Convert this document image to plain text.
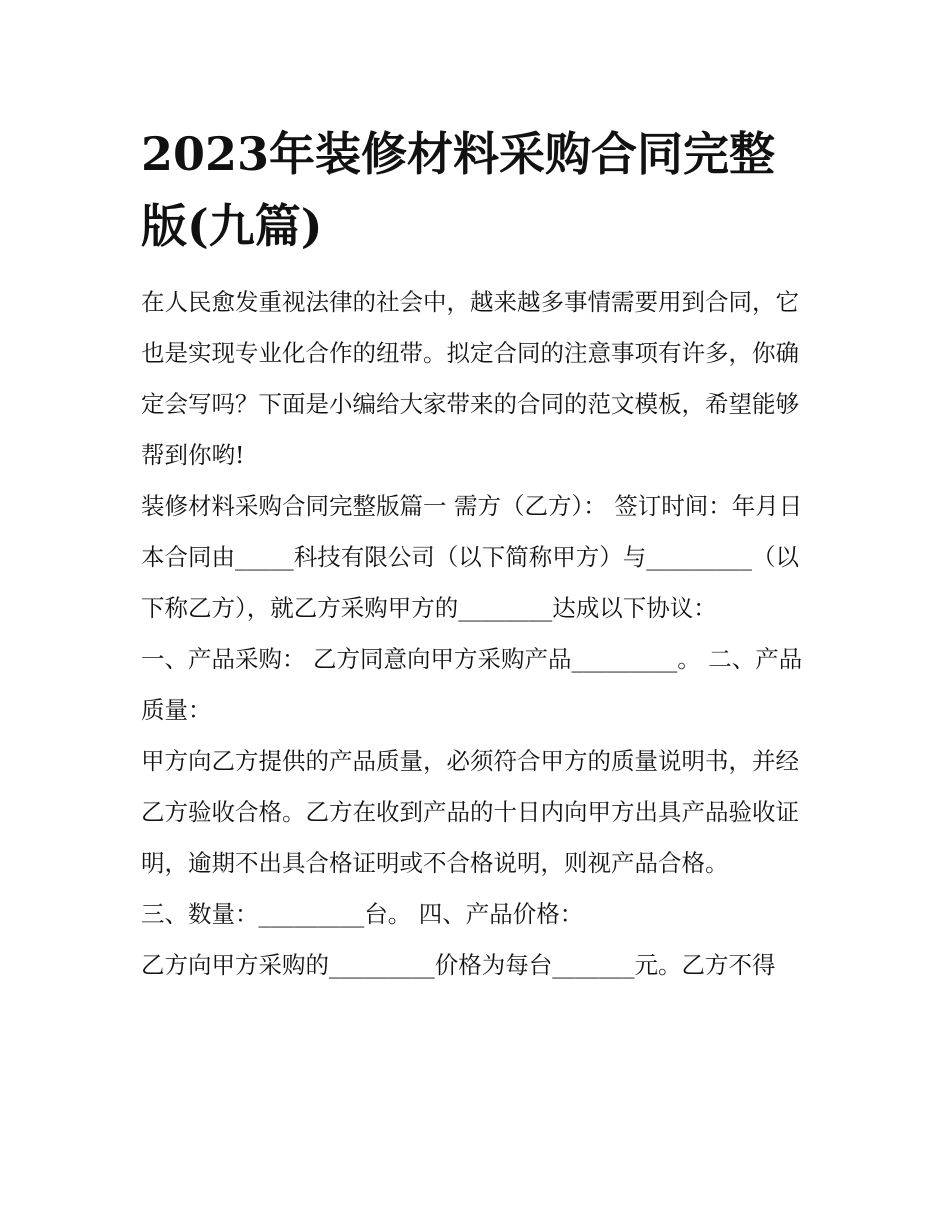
2023年装修材料采购合同完整版(九篇)

在人民愈发重视法律的社会中，越来越多事情需要用到合同，它也是实现专业化合作的纽带。拟定合同的注意事项有许多，你确定会写吗？下面是小编给大家带来的合同的范文模板，希望能够帮到你哟!

装修材料采购合同完整版篇一 需方（乙方）： 签订时间：年月日

本合同由_____科技有限公司（以下简称甲方）与_________（以下称乙方），就乙方采购甲方的________达成以下协议：

一、产品采购： 乙方同意向甲方采购产品_________。 二、产品质量：

甲方向乙方提供的产品质量，必须符合甲方的质量说明书，并经乙方验收合格。乙方在收到产品的十日内向甲方出具产品验收证明，逾期不出具合格证明或不合格说明，则视产品合格。

三、数量：_________台。 四、产品价格：

乙方向甲方采购的_________价格为每台_______元。乙方不得
